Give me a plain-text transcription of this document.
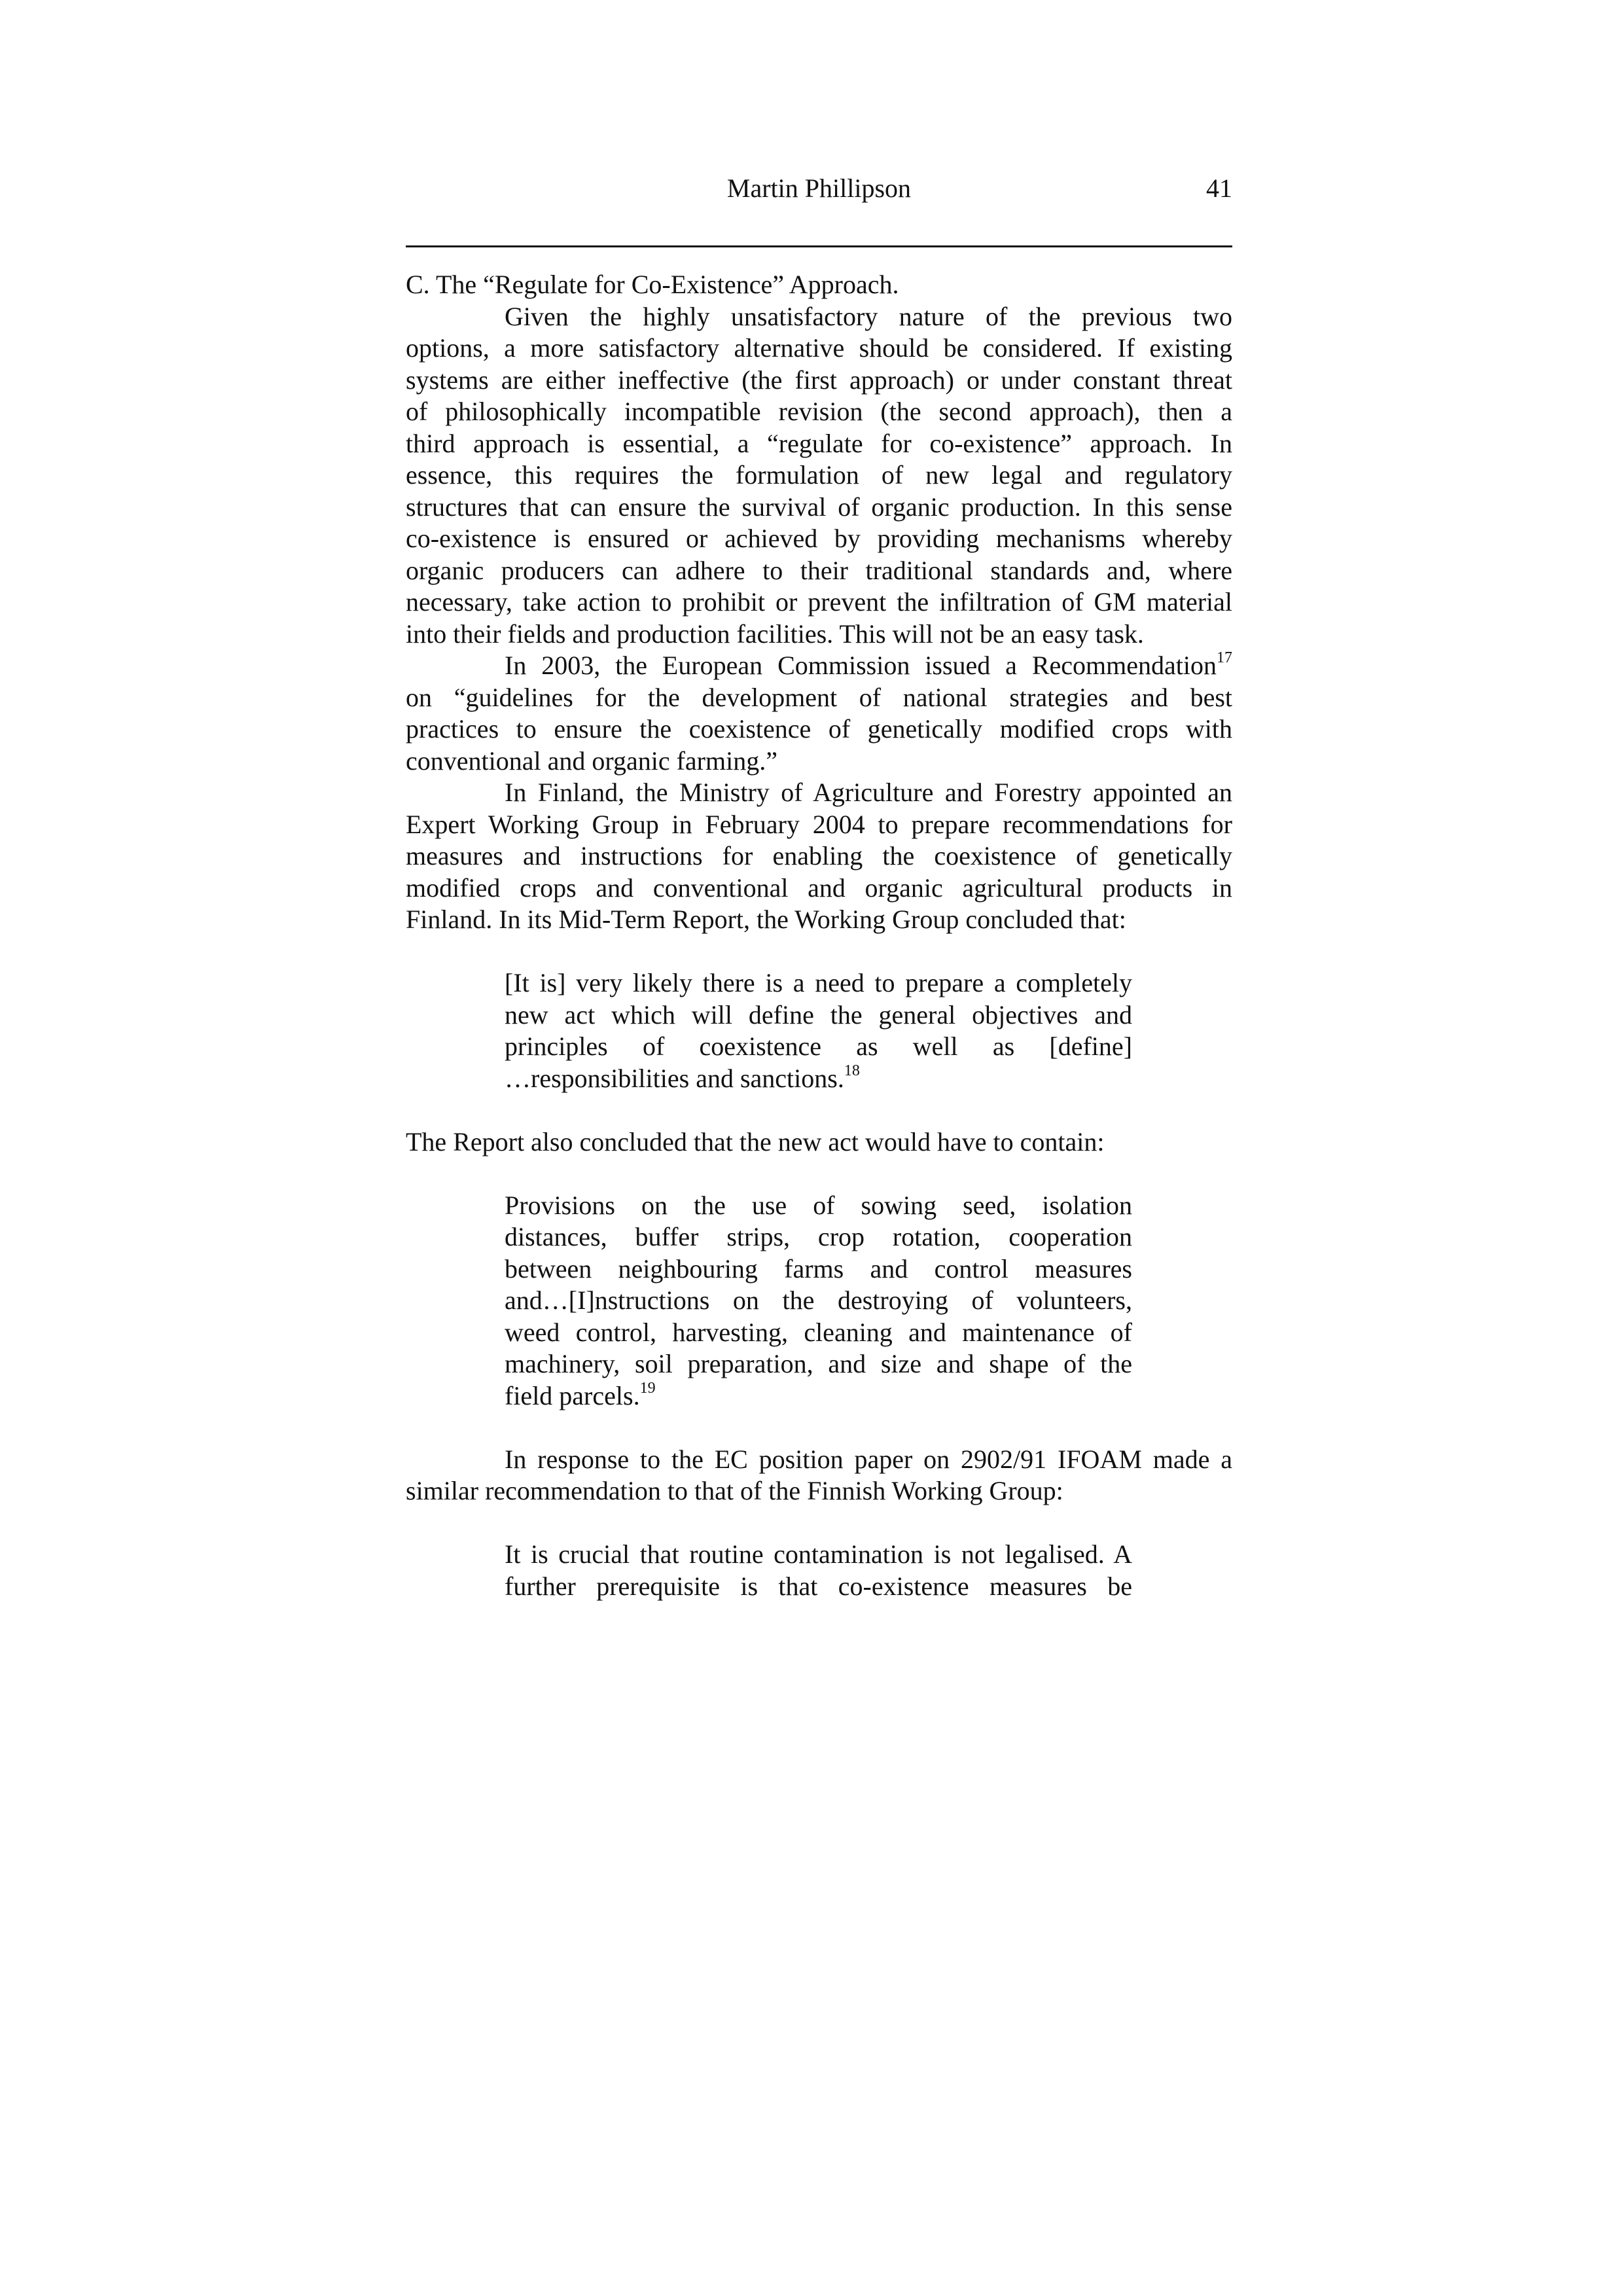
Martin Phillipson	41
C. The “Regulate for Co-Existence” Approach.
Given the highly unsatisfactory nature of the previous two
options, a more satisfactory alternative should be considered. If existing
systems are either ineffective (the first approach) or under constant threat
of philosophically incompatible revision (the second approach), then a
third approach is essential, a “regulate for co-existence” approach. In
essence, this requires the formulation of new legal and regulatory
structures that can ensure the survival of organic production. In this sense
co-existence is ensured or achieved by providing mechanisms whereby
organic producers can adhere to their traditional standards and, where
necessary, take action to prohibit or prevent the infiltration of GM material
into their fields and production facilities. This will not be an easy task.
In 2003, the European Commission issued a Recommendation$^{17}$
on “guidelines for the development of national strategies and best
practices to ensure the coexistence of genetically modified crops with
conventional and organic farming.”
In Finland, the Ministry of Agriculture and Forestry appointed an
Expert Working Group in February 2004 to prepare recommendations for
measures and instructions for enabling the coexistence of genetically
modified crops and conventional and organic agricultural products in
Finland. In its Mid-Term Report, the Working Group concluded that:
[It is] very likely there is a need to prepare a completely
new act which will define the general objectives and
principles of coexistence as well as [define]
…responsibilities and sanctions.$^{18}$
The Report also concluded that the new act would have to contain:
Provisions on the use of sowing seed, isolation
distances, buffer strips, crop rotation, cooperation
between neighbouring farms and control measures
and…[I]nstructions on the destroying of volunteers,
weed control, harvesting, cleaning and maintenance of
machinery, soil preparation, and size and shape of the
field parcels.$^{19}$
In response to the EC position paper on 2902/91 IFOAM made a
similar recommendation to that of the Finnish Working Group:
It is crucial that routine contamination is not legalised. A
further prerequisite is that co-existence measures be
